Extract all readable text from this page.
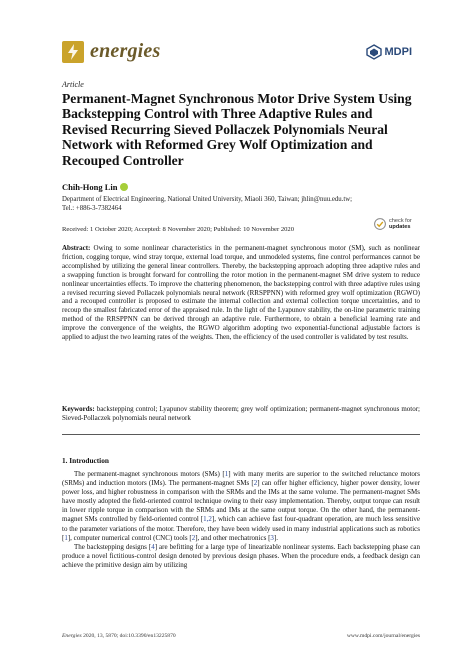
energies	MDPI
Article
Permanent-Magnet Synchronous Motor Drive System Using Backstepping Control with Three Adaptive Rules and Revised Recurring Sieved Pollaczek Polynomials Neural Network with Reformed Grey Wolf Optimization and Recouped Controller
Chih-Hong Lin
Department of Electrical Engineering, National United University, Miaoli 360, Taiwan; jhlin@nuu.edu.tw;
Tel.: +886-3-7382464
Received: 1 October 2020; Accepted: 8 November 2020; Published: 10 November 2020
check for
updates
Abstract: Owing to some nonlinear characteristics in the permanent-magnet synchronous motor (SM), such as nonlinear friction, cogging torque, wind stray torque, external load torque, and unmodeled systems, fine control performances cannot be accomplished by utilizing the general linear controllers. Thereby, the backstepping approach adopting three adaptive rules and a swapping function is brought forward for controlling the rotor motion in the permanent-magnet SM drive system to reduce nonlinear uncertainties effects. To improve the chattering phenomenon, the backstepping control with three adaptive rules using a revised recurring sieved Pollaczek polynomials neural network (RRSPPNN) with reformed grey wolf optimization (RGWO) and a recouped controller is proposed to estimate the internal collection and external collection torque uncertainties, and to recoup the smallest fabricated error of the appraised rule. In the light of the Lyapunov stability, the on-line parametric training method of the RRSPPNN can be derived through an adaptive rule. Furthermore, to obtain a beneficial learning rate and improve the convergence of the weights, the RGWO algorithm adopting two exponential-functional adjustable factors is applied to adjust the two learning rates of the weights. Then, the efficiency of the used controller is validated by test results.
Keywords: backstepping control; Lyapunov stability theorem; grey wolf optimization; permanent-magnet synchronous motor; Sieved-Pollaczek polynomials neural network
1. Introduction

The permanent-magnet synchronous motors (SMs) [1] with many merits are superior to the switched reluctance motors (SRMs) and induction motors (IMs). The permanent-magnet SMs [2] can offer higher efficiency, higher power density, lower power loss, and higher robustness in comparison with the SRMs and the IMs at the same volume. The permanent-magnet SMs have mostly adopted the field-oriented control technique owing to their easy implementation. Thereby, output torque can result in lower ripple torque in comparison with the SRMs and IMs at the same output torque. On the other hand, the permanent-magnet SMs controlled by field-oriented control [1,2], which can achieve fast four-quadrant operation, are much less sensitive to the parameter variations of the motor. Therefore, they have been widely used in many industrial applications such as robotics [1], computer numerical control (CNC) tools [2], and other mechatronics [3].

The backstepping designs [4] are befitting for a large type of linearizable nonlinear systems. Each backstepping phase can produce a novel fictitious-control design denoted by previous design phases. When the procedure ends, a feedback design can achieve the primitive design aim by utilizing

Energies 2020, 13, 5870; doi:10.3390/en13225870	www.mdpi.com/journal/energies
